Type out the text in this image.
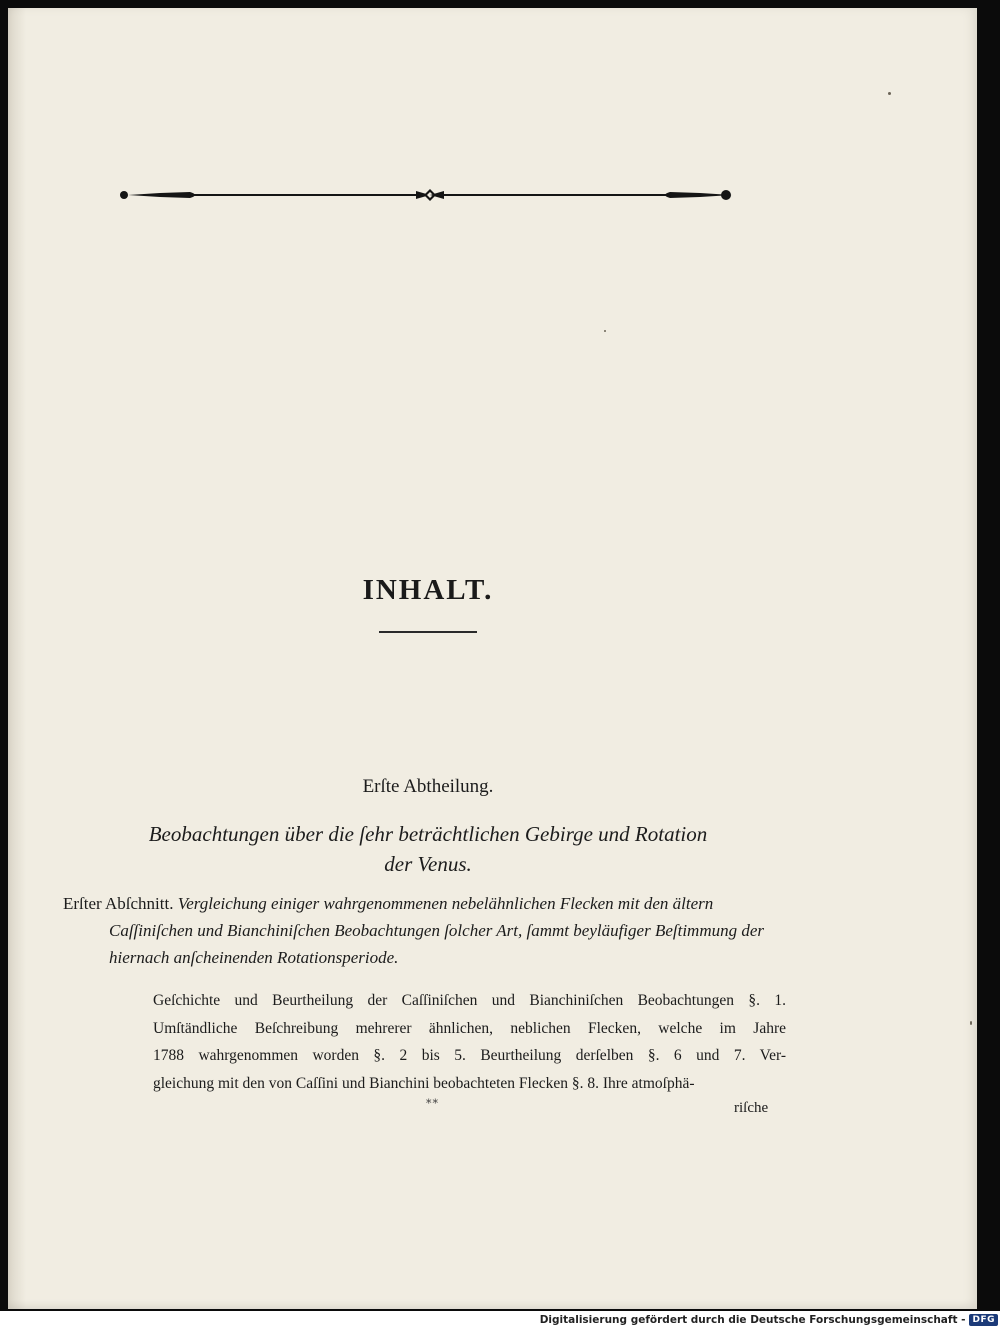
INHALT.
Erſte Abtheilung.
Beobachtungen über die ſehr beträchtlichen Gebirge und Rotation
der Venus.

Erſter Abſchnitt. Vergleichung einiger wahrgenommenen nebelähnlichen Flecken mit den ältern Caſſiniſchen und Bianchiniſchen Beobachtungen ſolcher Art, ſammt beyläufiger Beſtimmung der hiernach anſcheinenden Rotationsperiode.

Geſchichte und Beurtheilung der Caſſiniſchen und Bianchiniſchen Beobachtungen §. 1.
Umſtändliche Beſchreibung mehrerer ähnlichen, neblichen Flecken, welche im Jahre
1788 wahrgenommen worden §. 2 bis 5. Beurtheilung derſelben §. 6 und 7. Ver-
gleichung mit den von Caſſini und Bianchini beobachteten Flecken §. 8. Ihre atmoſphä-
**	riſche
Digitalisierung gefördert durch die Deutsche Forschungsgemeinschaft - DFG
